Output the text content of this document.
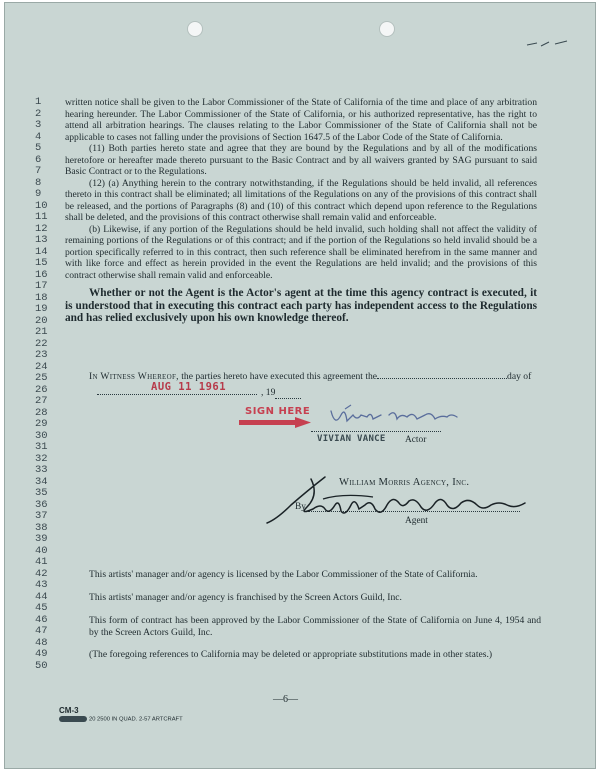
1
2
3
4
5
6
7
8
9
10
11
12
13
14
15
16
17
18
19
20
21
22
23
24
25
26
27
28
29
30
31
32
33
34
35
36
37
38
39
40
41
42
43
44
45
46
47
48
49
50

written notice shall be given to the Labor Commissioner of the State of California of the time and place of any arbitration hearing hereunder. The Labor Commissioner of the State of California, or his authorized representative, has the right to attend all arbitration hearings. The clauses relating to the Labor Commissioner of the State of California shall not be applicable to cases not falling under the provisions of Section 1647.5 of the Labor Code of the State of California.

(11) Both parties hereto state and agree that they are bound by the Regulations and by all of the modifications heretofore or hereafter made thereto pursuant to the Basic Contract and by all waivers granted by SAG pursuant to said Basic Contract or to the Regulations.

(12) (a) Anything herein to the contrary notwithstanding, if the Regulations should be held invalid, all references thereto in this contract shall be eliminated; all limitations of the Regulations on any of the provisions of this contract shall be released, and the portions of Paragraphs (8) and (10) of this contract which depend upon reference to the Regulations shall be deleted, and the provisions of this contract otherwise shall remain valid and enforceable.

(b) Likewise, if any portion of the Regulations should be held invalid, such holding shall not affect the validity of remaining portions of the Regulations or of this contract; and if the portion of the Regulations so held invalid should be a portion specifically referred to in this contract, then such reference shall be eliminated herefrom in the same manner and with like force and effect as herein provided in the event the Regulations are held invalid; and the provisions of this contract otherwise shall remain valid and enforceable.

Whether or not the Agent is the Actor's agent at the time this agency contract is executed, it is understood that in executing this contract each party has independent access to the Regulations and has relied exclusively upon his own knowledge thereof.

In Witness Whereof, the parties hereto have executed this agreement the	day of
AUG 11 1961	, 19
SIGN HERE
VIVIAN VANCE Actor
William Morris Agency, Inc.
By
Agent
This artists' manager and/or agency is licensed by the Labor Commissioner of the State of California.
This artists' manager and/or agency is franchised by the Screen Actors Guild, Inc.
This form of contract has been approved by the Labor Commissioner of the State of California on June 4, 1954 and by the Screen Actors Guild, Inc.
(The foregoing references to California may be deleted or appropriate substitutions made in other states.)
—6—
CM-3
20 2500 IN QUAD. 2-57 ARTCRAFT
